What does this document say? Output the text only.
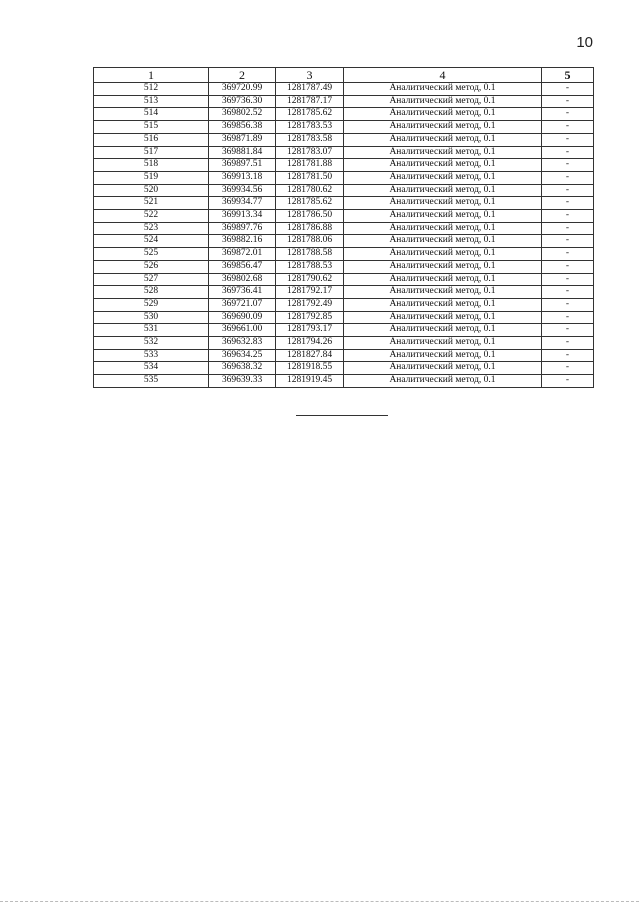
10
1	2	3	4	5
512	369720.99	1281787.49	Аналитический метод, 0.1	-
513	369736.30	1281787.17	Аналитический метод, 0.1	-
514	369802.52	1281785.62	Аналитический метод, 0.1	-
515	369856.38	1281783.53	Аналитический метод, 0.1	-
516	369871.89	1281783.58	Аналитический метод, 0.1	-
517	369881.84	1281783.07	Аналитический метод, 0.1	-
518	369897.51	1281781.88	Аналитический метод, 0.1	-
519	369913.18	1281781.50	Аналитический метод, 0.1	-
520	369934.56	1281780.62	Аналитический метод, 0.1	-
521	369934.77	1281785.62	Аналитический метод, 0.1	-
522	369913.34	1281786.50	Аналитический метод, 0.1	-
523	369897.76	1281786.88	Аналитический метод, 0.1	-
524	369882.16	1281788.06	Аналитический метод, 0.1	-
525	369872.01	1281788.58	Аналитический метод, 0.1	-
526	369856.47	1281788.53	Аналитический метод, 0.1	-
527	369802.68	1281790.62	Аналитический метод, 0.1	-
528	369736.41	1281792.17	Аналитический метод, 0.1	-
529	369721.07	1281792.49	Аналитический метод, 0.1	-
530	369690.09	1281792.85	Аналитический метод, 0.1	-
531	369661.00	1281793.17	Аналитический метод, 0.1	-
532	369632.83	1281794.26	Аналитический метод, 0.1	-
533	369634.25	1281827.84	Аналитический метод, 0.1	-
534	369638.32	1281918.55	Аналитический метод, 0.1	-
535	369639.33	1281919.45	Аналитический метод, 0.1	-
